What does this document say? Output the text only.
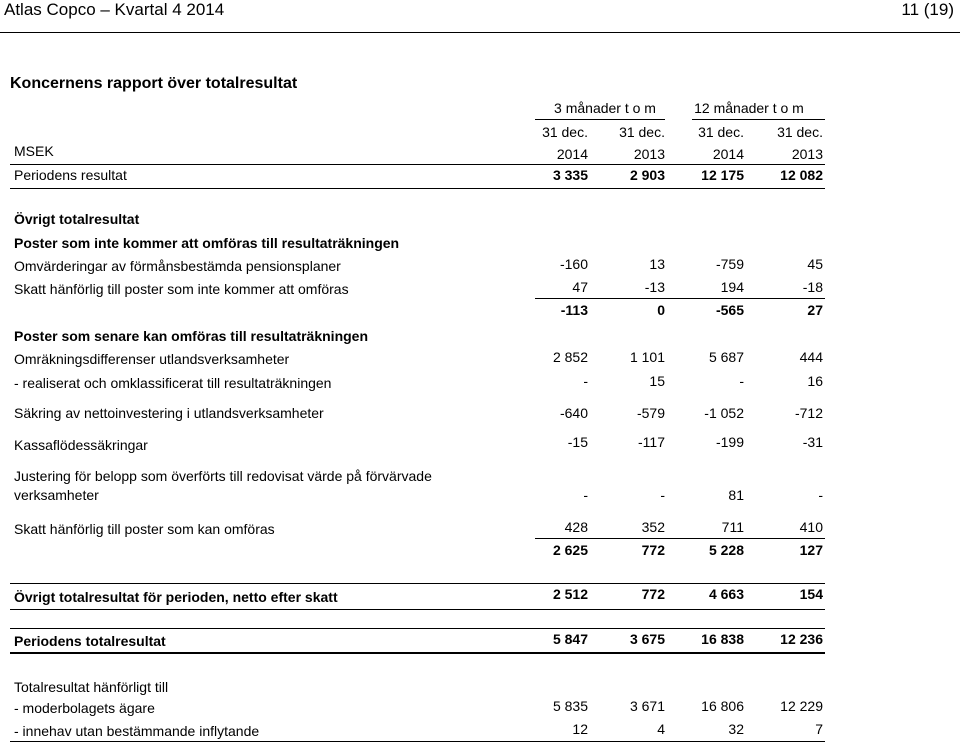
Atlas Copco – Kvartal 4 2014	11 (19)
Koncernens rapport över totalresultat
3 månader t o m	12 månader t o m
31 dec.	31 dec.	31 dec.	31 dec.
MSEK	2014	2013	2014	2013
Periodens resultat	3 335	2 903	12 175	12 082
Övrigt totalresultat
Poster som inte kommer att omföras till resultaträkningen
Omvärderingar av förmånsbestämda pensionsplaner	-160	13	-759	45
Skatt hänförlig till poster som inte kommer att omföras	47	-13	194	-18
-113	0	-565	27
Poster som senare kan omföras till resultaträkningen
Omräkningsdifferenser utlandsverksamheter	2 852	1 101	5 687	444
- realiserat och omklassificerat till resultaträkningen	-	15	-	16
Säkring av nettoinvestering i utlandsverksamheter	-640	-579	-1 052	-712
Kassaflödessäkringar	-15	-117	-199	-31
Justering för belopp som överförts till redovisat värde på förvärvade
verksamheter	-	-	81	-
Skatt hänförlig till poster som kan omföras	428	352	711	410
2 625	772	5 228	127
Övrigt totalresultat för perioden, netto efter skatt	2 512	772	4 663	154
Periodens totalresultat	5 847	3 675	16 838	12 236
Totalresultat hänförligt till
- moderbolagets ägare	5 835	3 671	16 806	12 229
- innehav utan bestämmande inflytande	12	4	32	7
